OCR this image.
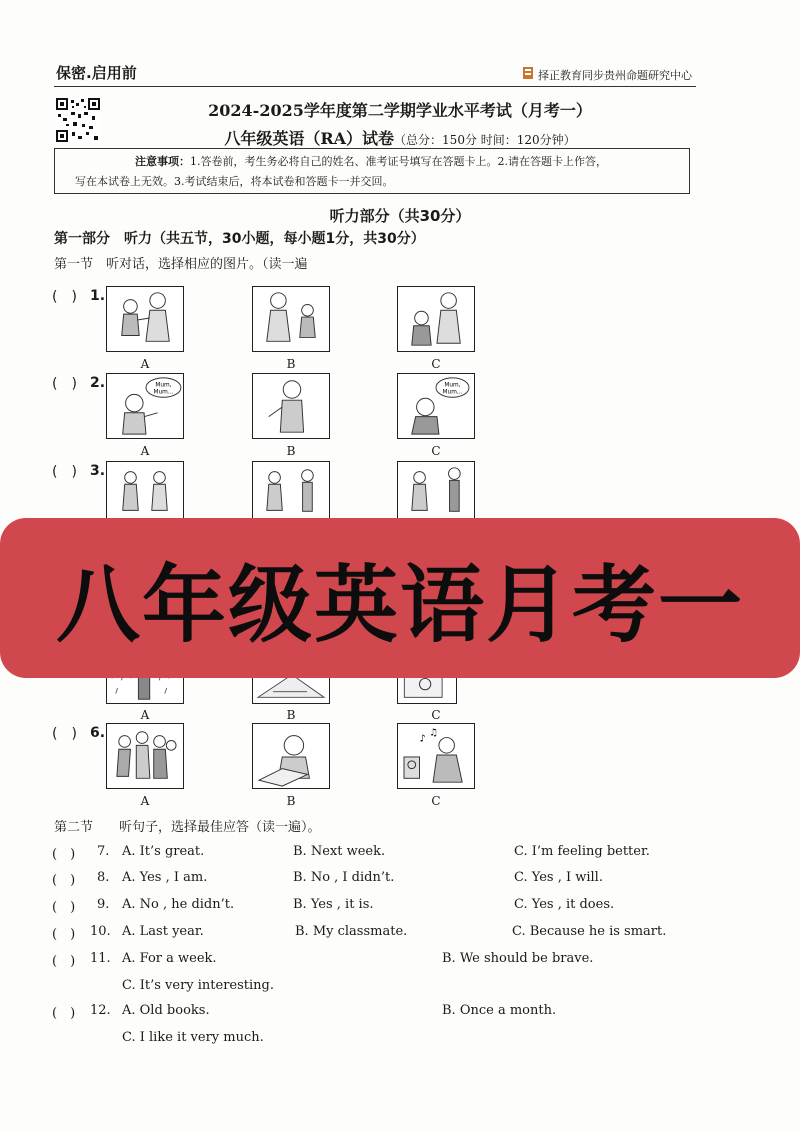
保密.启用前	择正教育同步贵州命题研究中心
2024-2025学年度第二学期学业水平考试（月考一）
八年级英语（RA）试卷（总分：150分 时间：120分钟）
注意事项：1.答卷前，考生务必将自己的姓名、准考证号填写在答题卡上。2.请在答题卡上作答，
写在本试卷上无效。3.考试结束后，将本试卷和答题卡一并交回。
听力部分（共30分）
第一部分　听力（共五节，30小题，每小题1分，共30分）
第一节　听对话，选择相应的图片。（读一遍
(　) 1.
A	B	C
(　) 2.	Mum,
Mum...
A	B
Mum,
Mum...
C
(　) 3.
A	B	C
(　) 6.
A	B
♪
♫
C
八年级英语月考一
第二节　　听句子，选择最佳应答（读一遍）。
(　) 7. A. It’s great.	B. Next week.	C. I’m feeling better.
(　) 8. A. Yes , I am.	B. No , I didn’t.	C. Yes , I will.
(　) 9. A. No , he didn’t.	B. Yes , it is.	C. Yes , it does.
(　) 10. A. Last year.	B. My classmate.	C. Because he is smart.
(　) 11. A. For a week.	B. We should be brave.
C. It’s very interesting.
(　) 12. A. Old books.	B. Once a month.
C. I like it very much.
